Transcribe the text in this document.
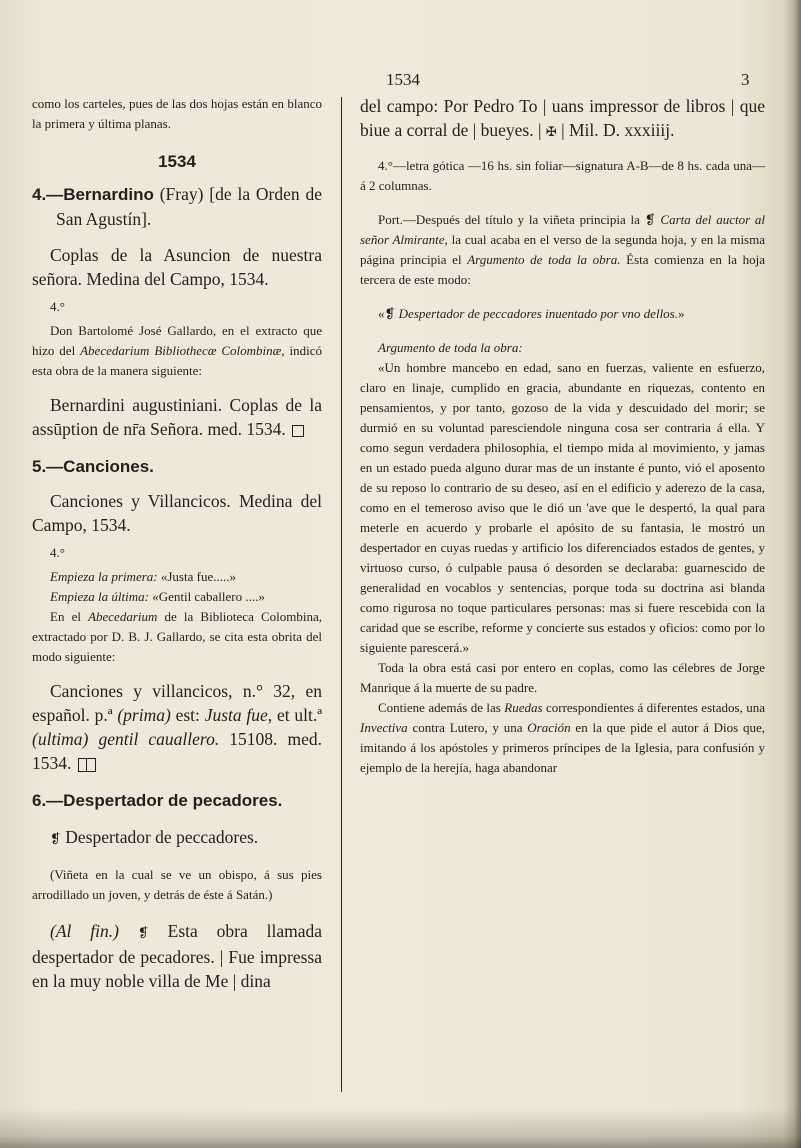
1534	3

como los carteles, pues de las dos hojas están en blanco la primera y última planas.

1534

4.—Bernardino (Fray) [de la Orden de San Agustín].

Coplas de la Asuncion de nuestra señora. Medina del Campo, 1534.

4.°

Don Bartolomé José Gallardo, en el extracto que hizo del Abecedarium Bibliothecæ Colombinæ, indicó esta obra de la manera siguiente:

Bernardini augustiniani. Coplas de la assūption de nr̄a Señora. med. 1534.

5.—Canciones.

Canciones y Villancicos. Medina del Campo, 1534.

4.°

Empieza la primera: «Justa fue.....»

Empieza la última: «Gentil caballero ....»

En el Abecedarium de la Biblioteca Colombina, extractado por D. B. J. Gallardo, se cita esta obrita del modo siguiente:

Canciones y villancicos, n.° 32, en español. p.ª (prima) est: Justa fue, et ult.ª (ultima) gentil cauallero. 15108. med. 1534.

6.—Despertador de pecadores.

❡ Despertador de peccadores.

(Viñeta en la cual se ve un obispo, á sus pies arrodillado un joven, y detrás de éste á Satán.)

(Al fin.) ❡ Esta obra llamada despertador de pecadores. | Fue impressa en la muy noble villa de Me | dina

del campo: Por Pedro To | uans impressor de libros | que biue a corral de | bueyes. | ✠ | Mil. D. xxxiiij.

4.°—letra gótica —16 hs. sin foliar—signatura A-B—de 8 hs. cada una—á 2 columnas.

Port.—Después del título y la viñeta principia la ❡ Carta del auctor al señor Almirante, la cual acaba en el verso de la segunda hoja, y en la misma página principia el Argumento de toda la obra. Ésta comienza en la hoja tercera de este modo:

«❡ Despertador de peccadores inuentado por vno dellos.»

Argumento de toda la obra:

«Un hombre mancebo en edad, sano en fuerzas, valiente en esfuerzo, claro en linaje, cumplido en gracia, abundante en riquezas, contento en pensamientos, y por tanto, gozoso de la vida y descuidado del morir; se durmió en su voluntad paresciendole ninguna cosa ser contraria á ella. Y como segun verdadera philosophia, el tiempo mida al movimiento, y jamas en un estado pueda alguno durar mas de un instante é punto, vió el aposento de su reposo lo contrario de su deseo, así en el edificio y aderezo de la casa, como en el temeroso aviso que le dió un 'ave que le despertó, la qual para meterle en acuerdo y probarle el apósito de su fantasia, le mostró un despertador en cuyas ruedas y artificio los diferenciados estados de gentes, y virtuoso curso, ó culpable pausa ó desorden se declaraba: guarnescido de generalidad en vocablos y sentencias, porque toda su doctrina asi blanda como rigurosa no toque particulares personas: mas si fuere rescebida con la caridad que se escribe, reforme y concierte sus estados y oficios: como por lo siguiente parescerá.»

Toda la obra está casi por entero en coplas, como las célebres de Jorge Manrique á la muerte de su padre.

Contiene además de las Ruedas correspondientes á diferentes estados, una Invectiva contra Lutero, y una Oración en la que pide el autor á Dios que, imitando á los apóstoles y primeros príncipes de la Iglesia, para confusión y ejemplo de la herejía, haga abandonar
